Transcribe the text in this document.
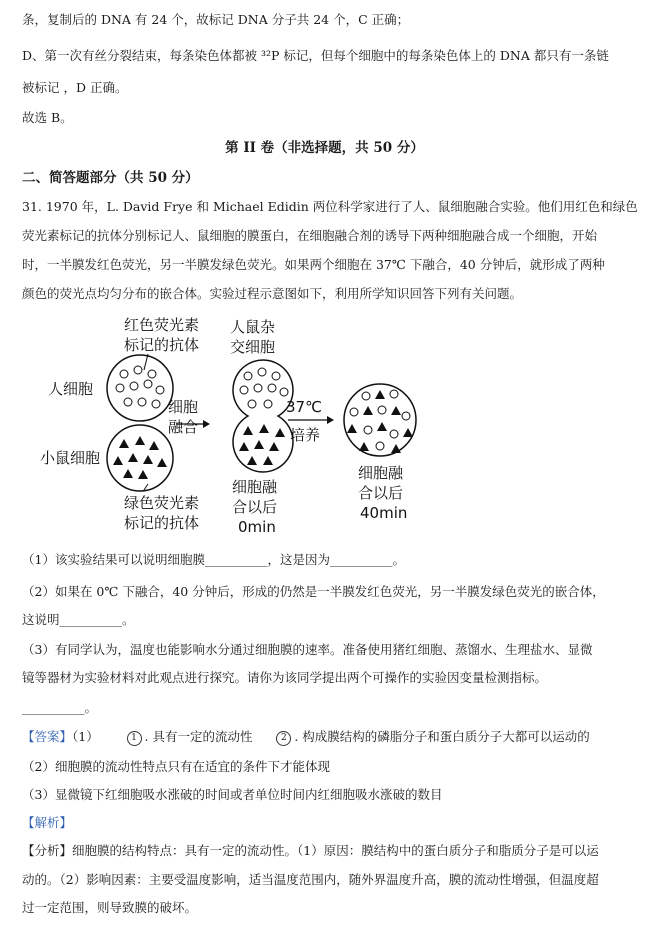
条，复制后的 DNA 有 24 个，故标记 DNA 分子共 24 个，C 正确；
D、第一次有丝分裂结束，每条染色体都被 ³²P 标记，但每个细胞中的每条染色体上的 DNA 都只有一条链
被标记 ，D 正确。
故选 B。
第 II 卷（非选择题，共 50 分）
二、简答题部分（共 50 分）
31. 1970 年，L. David Frye 和 Michael Edidin 两位科学家进行了人、鼠细胞融合实验。他们用红色和绿色
荧光素标记的抗体分别标记人、鼠细胞的膜蛋白，在细胞融合剂的诱导下两种细胞融合成一个细胞，开始
时，一半膜发红色荧光，另一半膜发绿色荧光。如果两个细胞在 37℃ 下融合，40 分钟后，就形成了两种
颜色的荧光点均匀分布的嵌合体。实验过程示意图如下，利用所学知识回答下列有关问题。
红色荧光素
标记的抗体
人细胞
小鼠细胞
绿色荧光素
标记的抗体
细胞
融合
人鼠杂
交细胞
细胞融
合以后
0min
37℃
培养
细胞融
合以后
40min
（1）该实验结果可以说明细胞膜__________，这是因为__________。
（2）如果在 0℃ 下融合，40 分钟后，形成的仍然是一半膜发红色荧光，另一半膜发绿色荧光的嵌合体，
这说明__________。
（3）有同学认为，温度也能影响水分通过细胞膜的速率。准备使用猪红细胞、蒸馏水、生理盐水、显微
镜等器材为实验材料对此观点进行探究。请你为该同学提出两个可操作的实验因变量检测指标。
__________。
【答案】（1）	1 . 具有一定的流动性	2 . 构成膜结构的磷脂分子和蛋白质分子大都可以运动的
（2）细胞膜的流动性特点只有在适宜的条件下才能体现
（3）显微镜下红细胞吸水涨破的时间或者单位时间内红细胞吸水涨破的数目
【解析】
【分析】细胞膜的结构特点：具有一定的流动性。（1）原因：膜结构中的蛋白质分子和脂质分子是可以运
动的。（2）影响因素：主要受温度影响，适当温度范围内，随外界温度升高，膜的流动性增强，但温度超
过一定范围，则导致膜的破坏。
